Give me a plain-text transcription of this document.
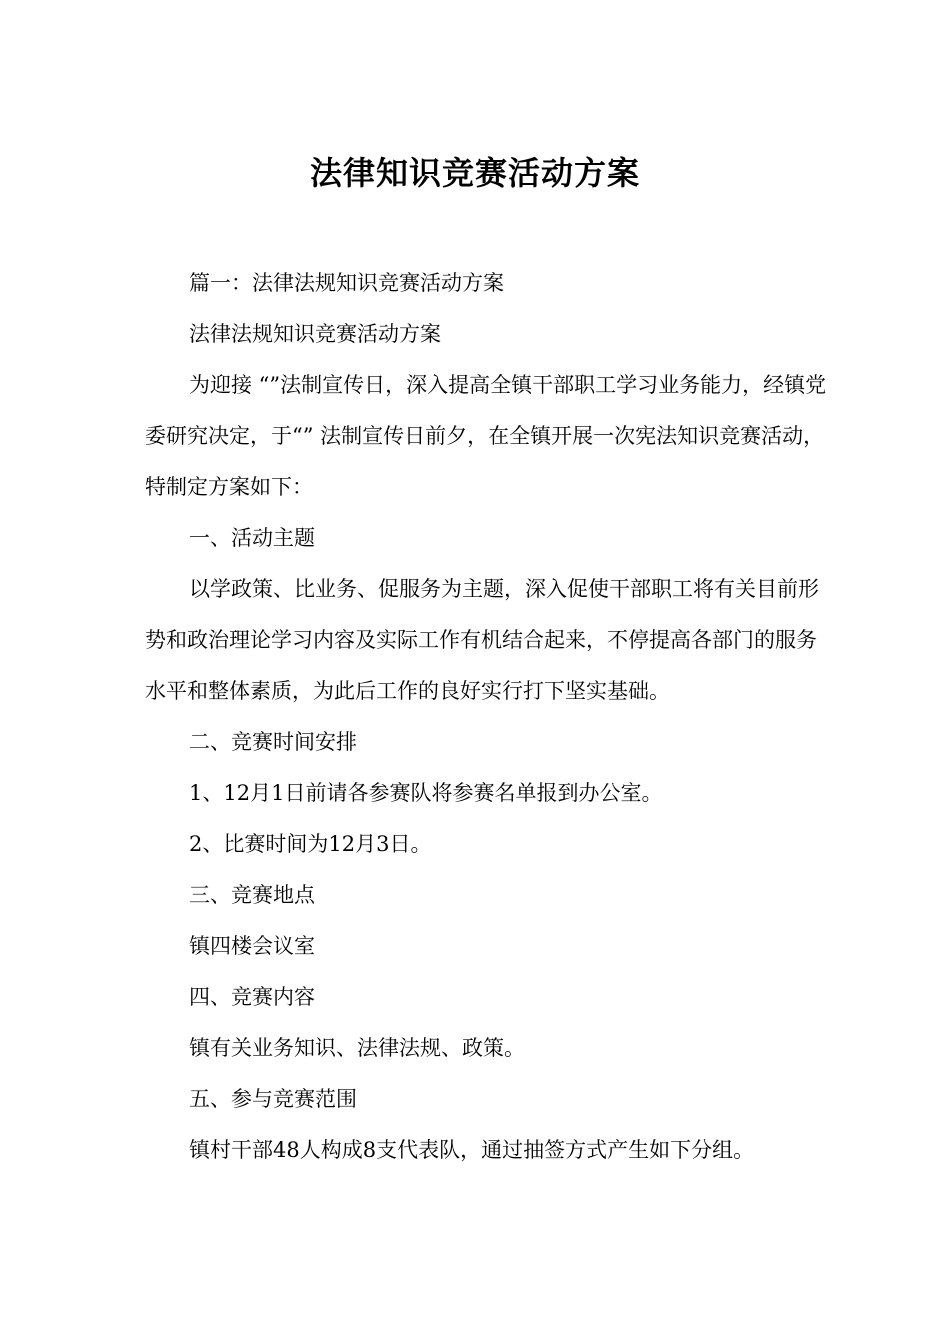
法律知识竞赛活动方案

篇一：法律法规知识竞赛活动方案

法律法规知识竞赛活动方案

为迎接 “”法制宣传日，深入提高全镇干部职工学习业务能力，经镇党委研究决定，于“” 法制宣传日前夕，在全镇开展一次宪法知识竞赛活动，特制定方案如下：

一、活动主题

以学政策、比业务、促服务为主题，深入促使干部职工将有关目前形势和政治理论学习内容及实际工作有机结合起来，不停提高各部门的服务水平和整体素质，为此后工作的良好实行打下坚实基础。

二、竞赛时间安排

1、12月1日前请各参赛队将参赛名单报到办公室。

2、比赛时间为12月3日。

三、竞赛地点

镇四楼会议室

四、竞赛内容

镇有关业务知识、法律法规、政策。

五、参与竞赛范围

镇村干部48人构成8支代表队，通过抽签方式产生如下分组。
